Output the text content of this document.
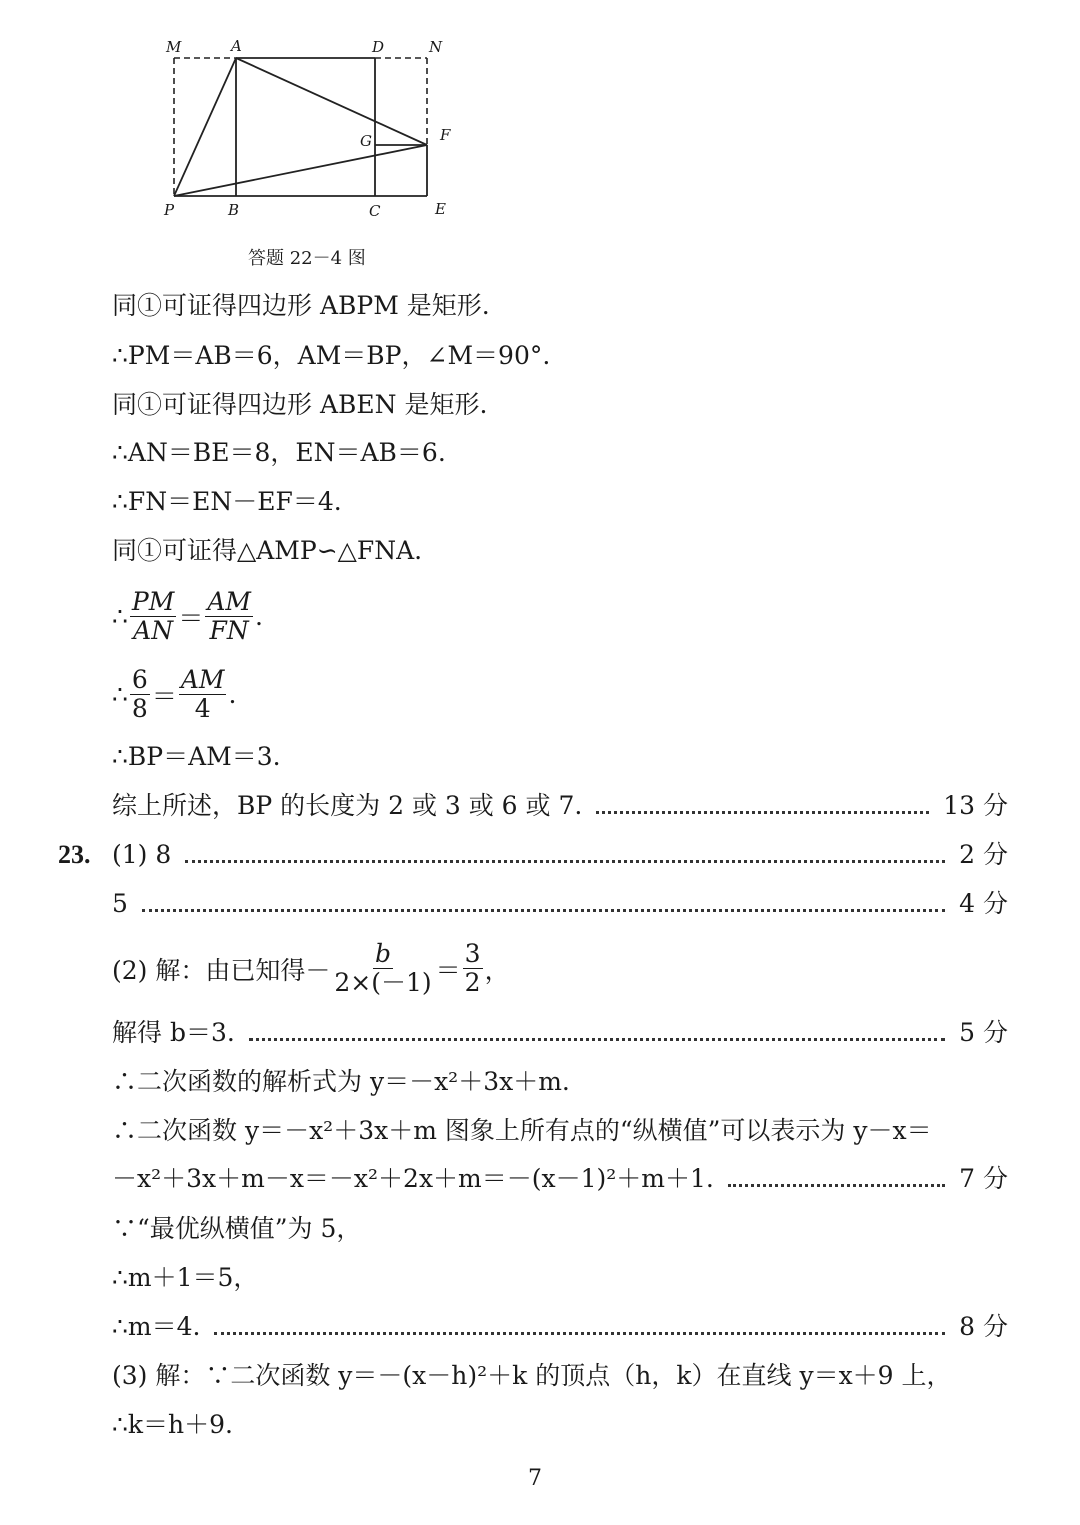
M	A	D	N
G	F
P	B	C	E
答题 22－4 图
同①可证得四边形 ABPM 是矩形.
∴PM＝AB＝6，AM＝BP，∠M＝90°.
同①可证得四边形 ABEN 是矩形.
∴AN＝BE＝8，EN＝AB＝6.
∴FN＝EN－EF＝4.
同①可证得△AMP∽△FNA.
∴ $\frac{PM}{AN} = \frac{AM}{FN}$ .
∴ $\frac{6}{8} = \frac{AM}{4}$ .
∴BP＝AM＝3.
综上所述，BP 的长度为 2 或 3 或 6 或 7.	13 分
23. (1) 8	2 分
5	4 分
(2) 解：由已知得－ $\frac{b}{2\times(-1)} = \frac{3}{2}$ ，
解得 b＝3.	5 分
∴二次函数的解析式为 y＝－x²＋3x＋m.
∴二次函数 y＝－x²＋3x＋m 图象上所有点的“纵横值”可以表示为 y－x＝
－x²＋3x＋m－x＝－x²＋2x＋m＝－(x－1)²＋m＋1.	7 分
∵“最优纵横值”为 5，
∴m＋1＝5，
∴m＝4.	8 分
(3) 解：∵二次函数 y＝－(x－h)²＋k 的顶点（h，k）在直线 y＝x＋9 上，
∴k＝h＋9.
7
